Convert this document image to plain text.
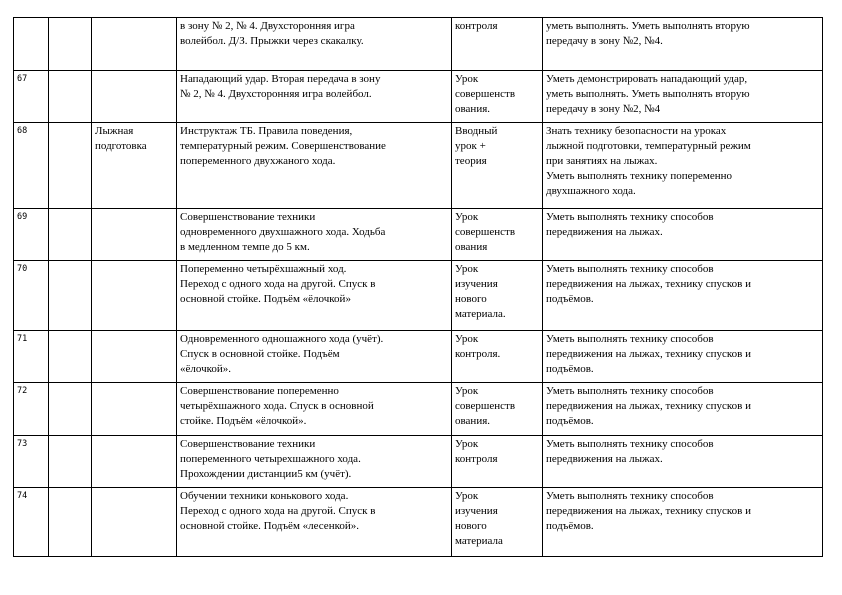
			в зону № 2, № 4. Двухсторонняя игра
волейбол. Д/З. Прыжки через скакалку.	контроля	уметь выполнять. Уметь выполнять вторую
передачу в зону №2, №4.
67			Нападающий удар. Вторая передача в зону
№ 2, № 4. Двухсторонняя игра волейбол.	Урок
совершенств
ования.	Уметь демонстрировать нападающий удар,
уметь выполнять. Уметь выполнять вторую
передачу в зону №2, №4
68		Лыжная
подготовка	Инструктаж ТБ. Правила поведения,
температурный режим. Совершенствование
попеременного двухжаного хода.	Вводный
урок +
теория	Знать технику безопасности на уроках
лыжной подготовки, температурный режим
при занятиях на лыжах.
Уметь выполнять технику попеременно
двухшажного хода.
69			Совершенствование техники
одновременного двухшажного хода. Ходьба
в медленном темпе до 5 км.	Урок
совершенств
ования	Уметь выполнять технику способов
передвижения на лыжах.
70			Попеременно четырёхшажный ход.
Переход с одного хода на другой. Спуск в
основной стойке. Подъём «ёлочкой»	Урок
изучения
нового
материала.	Уметь выполнять технику способов
передвижения на лыжах, технику спусков и
подъёмов.
71			Одновременного одношажного хода (учёт).
Спуск в основной стойке. Подъём
«ёлочкой».	Урок
контроля.	Уметь выполнять технику способов
передвижения на лыжах, технику спусков и
подъёмов.
72			Совершенствование попеременно
четырёхшажного хода. Спуск в основной
стойке. Подъём «ёлочкой».	Урок
совершенств
ования.	Уметь выполнять технику способов
передвижения на лыжах, технику спусков и
подъёмов.
73			Совершенствование техники
попеременного четырехшажного хода.
Прохождении дистанции5 км (учёт).	Урок
контроля	Уметь выполнять технику способов
передвижения на лыжах.
74			Обучении техники конькового хода.
Переход с одного хода на другой. Спуск в
основной стойке. Подъём «лесенкой».	Урок
изучения
нового
материала	Уметь выполнять технику способов
передвижения на лыжах, технику спусков и
подъёмов.
